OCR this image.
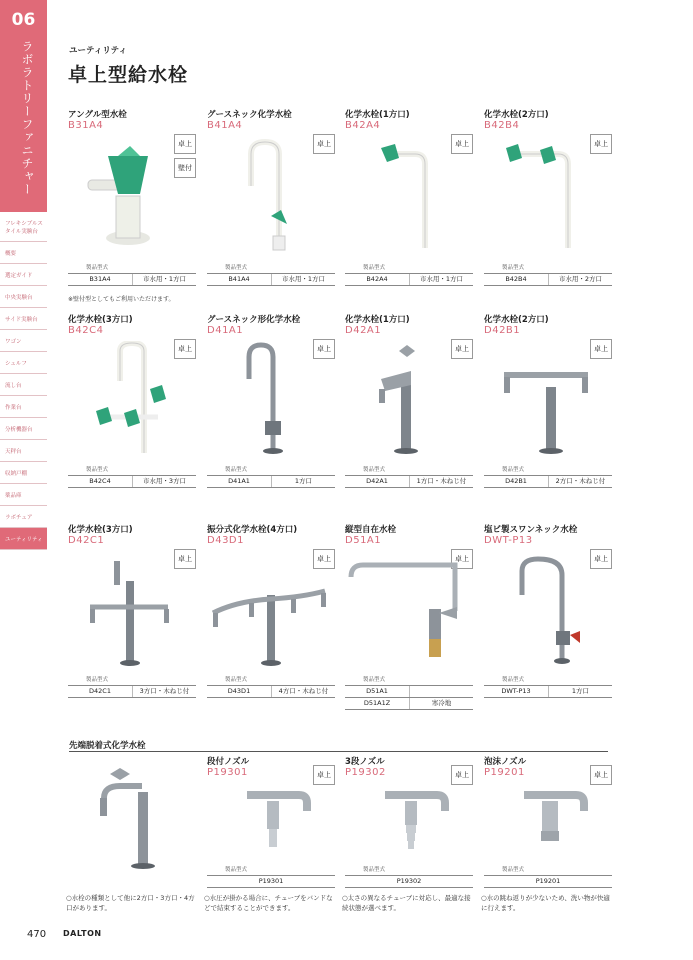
06
ラボラトリーファニチャー
フレキシブルスタイル実験台
概要
選定ガイド
中央実験台
サイド実験台
ワゴン
シェルフ
流し台
作業台
分析機器台
天秤台
収納戸棚
薬品庫
ラボチェア
ユーティリティ
ユーティリティ
卓上型給水栓
アングル型水栓
B31A4
卓上
壁付
製品型式
B31A4	市水用・1方口
※壁付型としてもご利用いただけます。
グースネック化学水栓
B41A4
卓上
製品型式
B41A4	市水用・1方口
化学水栓(1方口)
B42A4
卓上
製品型式
B42A4	市水用・1方口
化学水栓(2方口)
B42B4
卓上
製品型式
B42B4	市水用・2方口
化学水栓(3方口)
B42C4
卓上
製品型式
B42C4	市水用・3方口
グースネック形化学水栓
D41A1
卓上
製品型式
D41A1	1方口
化学水栓(1方口)
D42A1
卓上
製品型式
D42A1	1方口・木ねじ付
化学水栓(2方口)
D42B1
卓上
製品型式
D42B1	2方口・木ねじ付
化学水栓(3方口)
D42C1
卓上
製品型式
D42C1	3方口・木ねじ付
振分式化学水栓(4方口)
D43D1
卓上
製品型式
D43D1	4方口・木ねじ付
縦型自在水栓
D51A1
卓上
製品型式
D51A1
D51A1Z	寒冷地
塩ビ製スワンネック水栓
DWT-P13
卓上
製品型式
DWT-P13	1方口
先端脱着式化学水栓
○水栓の種類として他に2方口・3方口・4方口があります。
段付ノズル
P19301	卓上
製品型式
P19301
○水圧が掛かる場合に、チューブをバンドなどで結束することができます。
3段ノズル
P19302	卓上
製品型式
P19302
○太さの異なるチューブに対応し、最適な接続状態が選べます。
泡沫ノズル
P19201	卓上
製品型式
P19201
○水の跳ね返りが少ないため、洗い物が快適に行えます。
470 DALTON
